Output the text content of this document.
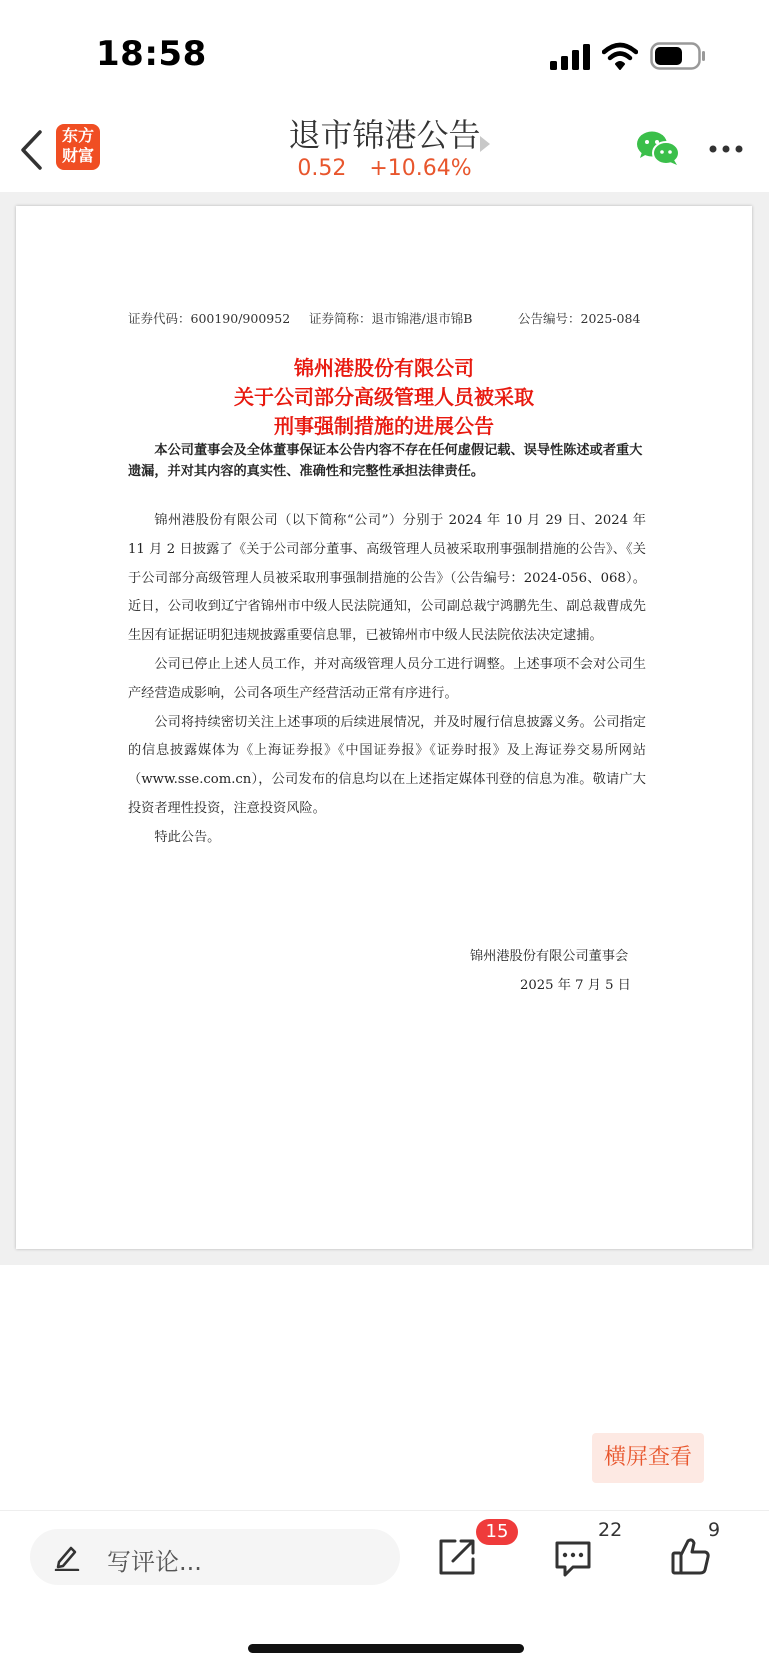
18:58
东方
财富
退市锦港公告
0.52 +10.64%
证券代码：600190/900952 证券简称：退市锦港/退市锦B	公告编号：2025-084
锦州港股份有限公司
关于公司部分高级管理人员被采取
刑事强制措施的进展公告
本公司董事会及全体董事保证本公告内容不存在任何虚假记载、误导性陈述或者重大遗漏，并对其内容的真实性、准确性和完整性承担法律责任。

锦州港股份有限公司（以下简称“公司”）分别于 2024 年 10 月 29 日、2024 年 11 月 2 日披露了《关于公司部分董事、高级管理人员被采取刑事强制措施的公告》、《关于公司部分高级管理人员被采取刑事强制措施的公告》（公告编号：2024-056、068）。近日，公司收到辽宁省锦州市中级人民法院通知，公司副总裁宁鸿鹏先生、副总裁曹成先生因有证据证明犯违规披露重要信息罪，已被锦州市中级人民法院依法决定逮捕。

公司已停止上述人员工作，并对高级管理人员分工进行调整。上述事项不会对公司生产经营造成影响，公司各项生产经营活动正常有序进行。

公司将持续密切关注上述事项的后续进展情况，并及时履行信息披露义务。公司指定的信息披露媒体为《上海证券报》《中国证券报》《证券时报》及上海证券交易所网站（www.sse.com.cn），公司发布的信息均以在上述指定媒体刊登的信息为准。敬请广大投资者理性投资，注意投资风险。

特此公告。

锦州港股份有限公司董事会
2025 年 7 月 5 日
横屏查看
写评论...
15	22	9
